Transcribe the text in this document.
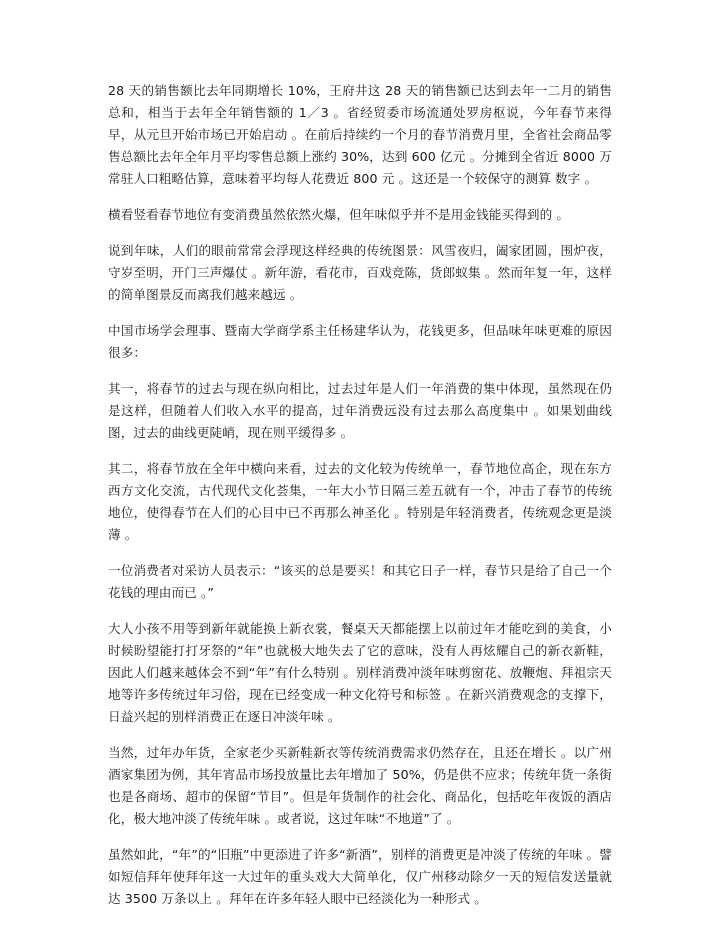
28 天的销售额比去年同期增长 10%，王府井这 28 天的销售额已达到去年一二月的销售总和，相当于去年全年销售额的 1／3 。省经贸委市场流通处罗房枢说，今年春节来得早，从元旦开始市场已开始启动 。在前后持续约一个月的春节消费月里，全省社会商品零售总额比去年全年月平均零售总额上涨约 30%，达到 600 亿元 。分摊到全省近 8000 万常驻人口粗略估算，意味着平均每人花费近 800 元 。这还是一个较保守的测算 数字 。

横看竖看春节地位有变消费虽然依然火爆，但年味似乎并不是用金钱能买得到的 。

说到年味，人们的眼前常常会浮现这样经典的传统图景：风雪夜归，阖家团圆，围炉夜，守岁至明，开门三声爆仗 。新年游，看花市，百戏竞陈，货郎蚁集 。然而年复一年，这样的简单图景反而离我们越来越远 。

中国市场学会理事、暨南大学商学系主任杨建华认为，花钱更多，但品味年味更难的原因很多：

其一，将春节的过去与现在纵向相比，过去过年是人们一年消费的集中体现，虽然现在仍是这样，但随着人们收入水平的提高，过年消费远没有过去那么高度集中 。如果划曲线图，过去的曲线更陡峭，现在则平缓得多 。

其二，将春节放在全年中横向来看，过去的文化较为传统单一，春节地位高企，现在东方西方文化交流，古代现代文化荟集，一年大小节日隔三差五就有一个，冲击了春节的传统地位，使得春节在人们的心目中已不再那么神圣化 。特别是年轻消费者，传统观念更是淡薄 。

一位消费者对采访人员表示：“该买的总是要买！和其它日子一样，春节只是给了自己一个花钱的理由而已 。”

大人小孩不用等到新年就能换上新衣裳，餐桌天天都能摆上以前过年才能吃到的美食，小时候盼望能打打牙祭的“年”也就极大地失去了它的意味，没有人再炫耀自己的新衣新鞋，因此人们越来越体会不到“年”有什么特别 。别样消费冲淡年味剪窗花、放鞭炮、拜祖宗天地等许多传统过年习俗，现在已经变成一种文化符号和标签 。在新兴消费观念的支撑下，日益兴起的别样消费正在逐日冲淡年味 。

当然，过年办年货，全家老少买新鞋新衣等传统消费需求仍然存在，且还在增长 。以广州酒家集团为例，其年宵品市场投放量比去年增加了 50%，仍是供不应求；传统年货一条街也是各商场、超市的保留“节目”。但是年货制作的社会化、商品化，包括吃年夜饭的酒店化，极大地冲淡了传统年味 。或者说，这过年味“不地道”了 。

虽然如此，“年”的“旧瓶”中更添进了许多“新酒”，别样的消费更是冲淡了传统的年味 。譬如短信拜年使拜年这一大过年的重头戏大大简单化，仅广州移动除夕一天的短信发送量就达 3500 万条以上 。拜年在许多年轻人眼中已经淡化为一种形式 。
